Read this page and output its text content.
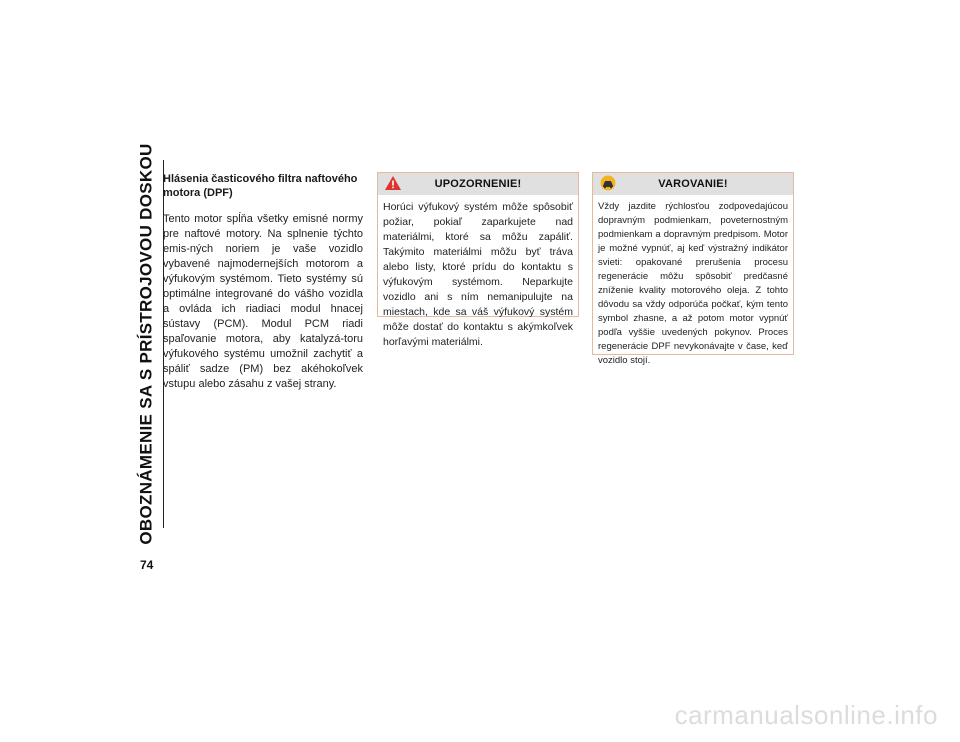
OBOZNÁMENIE SA S PRÍSTROJOVOU DOSKOU
74
Hlásenia časticového filtra naftového motora (DPF)

Tento motor spĺňa všetky emisné normy pre naftové motory. Na splnenie týchto emis-ných noriem je vaše vozidlo vybavené najmodernejších motorom a výfukovým systémom. Tieto systémy sú optimálne integrované do vášho vozidla a ovláda ich riadiaci modul hnacej sústavy (PCM). Modul PCM riadi spaľovanie motora, aby katalyzá-toru výfukového systému umožnil zachytiť a spáliť sadze (PM) bez akéhokoľvek vstupu alebo zásahu z vašej strany.

UPOZORNENIE!

Horúci výfukový systém môže spôsobiť požiar, pokiaľ zaparkujete nad materiálmi, ktoré sa môžu zapáliť. Takýmito materiálmi môžu byť tráva alebo listy, ktoré prídu do kontaktu s výfukovým systémom. Neparkujte vozidlo ani s ním nemanipulujte na miestach, kde sa váš výfukový systém môže dostať do kontaktu s akýmkoľvek horľavými materiálmi.

VAROVANIE!

Vždy jazdite rýchlosťou zodpovedajúcou dopravným podmienkam, poveternostným podmienkam a dopravným predpisom. Motor je možné vypnúť, aj keď výstražný indikátor svieti: opakované prerušenia procesu regenerácie môžu spôsobiť predčasné zníženie kvality motorového oleja. Z tohto dôvodu sa vždy odporúča počkať, kým tento symbol zhasne, a až potom motor vypnúť podľa vyššie uvedených pokynov. Proces regenerácie DPF nevykonávajte v čase, keď vozidlo stojí.

carmanualsonline.info
